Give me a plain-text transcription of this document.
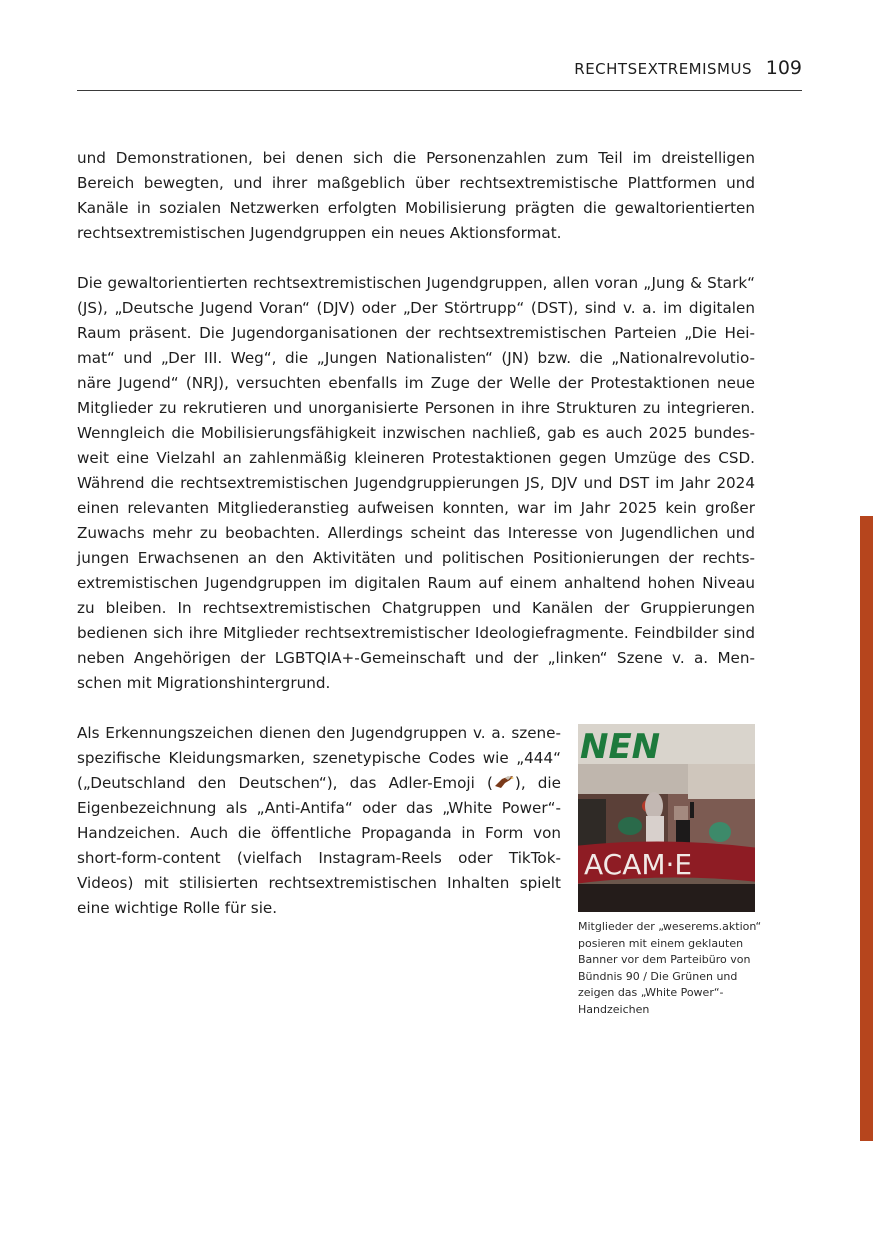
RECHTSEXTREMISMUS 109

und Demonstrationen, bei denen sich die Personenzahlen zum Teil im dreistelligen
Bereich bewegten, und ihrer maßgeblich über rechtsextremistische Plattformen und
Kanäle in sozialen Netzwerken erfolgten Mobilisierung prägten die gewaltorientierten
rechtsextremistischen Jugendgruppen ein neues Aktionsformat.

Die gewaltorientierten rechtsextremistischen Jugendgruppen, allen voran „Jung & Stark“
(JS), „Deutsche Jugend Voran“ (DJV) oder „Der Störtrupp“ (DST), sind v. a. im digitalen
Raum präsent. Die Jugendorganisationen der rechtsextremistischen Parteien „Die Hei-
mat“ und „Der III. Weg“, die „Jungen Nationalisten“ (JN) bzw. die „Nationalrevolutio-
näre Jugend“ (NRJ), versuchten ebenfalls im Zuge der Welle der Protestaktionen neue
Mitglieder zu rekrutieren und unorganisierte Personen in ihre Strukturen zu integrieren.
Wenngleich die Mobilisierungsfähigkeit inzwischen nachließ, gab es auch 2025 bundes-
weit eine Vielzahl an zahlenmäßig kleineren Protestaktionen gegen Umzüge des CSD.
Während die rechtsextremistischen Jugendgruppierungen JS, DJV und DST im Jahr 2024
einen relevanten Mitgliederanstieg aufweisen konnten, war im Jahr 2025 kein großer
Zuwachs mehr zu beobachten. Allerdings scheint das Interesse von Jugendlichen und
jungen Erwachsenen an den Aktivitäten und politischen Positionierungen der rechts-
extremistischen Jugendgruppen im digitalen Raum auf einem anhaltend hohen Niveau
zu bleiben. In rechtsextremistischen Chatgruppen und Kanälen der Gruppierungen
bedienen sich ihre Mitglieder rechtsextremistischer Ideologiefragmente. Feindbilder sind
neben Angehörigen der LGBTQIA+-Gemeinschaft und der „linken“ Szene v. a. Men-
schen mit Migrationshintergrund.

Als Erkennungszeichen dienen den Jugendgruppen v. a. szene-
spezifische Kleidungsmarken, szenetypische Codes wie „444“
(„Deutschland den Deutschen“), das Adler-Emoji ( ), die
Eigenbezeichnung als „Anti-Antifa“ oder das „White Power“-
Handzeichen. Auch die öffentliche Propaganda in Form von
short-form-content (vielfach Instagram-Reels oder TikTok-
Videos) mit stilisierten rechtsextremistischen Inhalten spielt
eine wichtige Rolle für sie.

NEN
ACAM·E
Mitglieder der „weserems.aktion“
posieren mit einem geklauten
Banner vor dem Parteibüro von
Bündnis 90 / Die Grünen und
zeigen das „White Power“-
Handzeichen
